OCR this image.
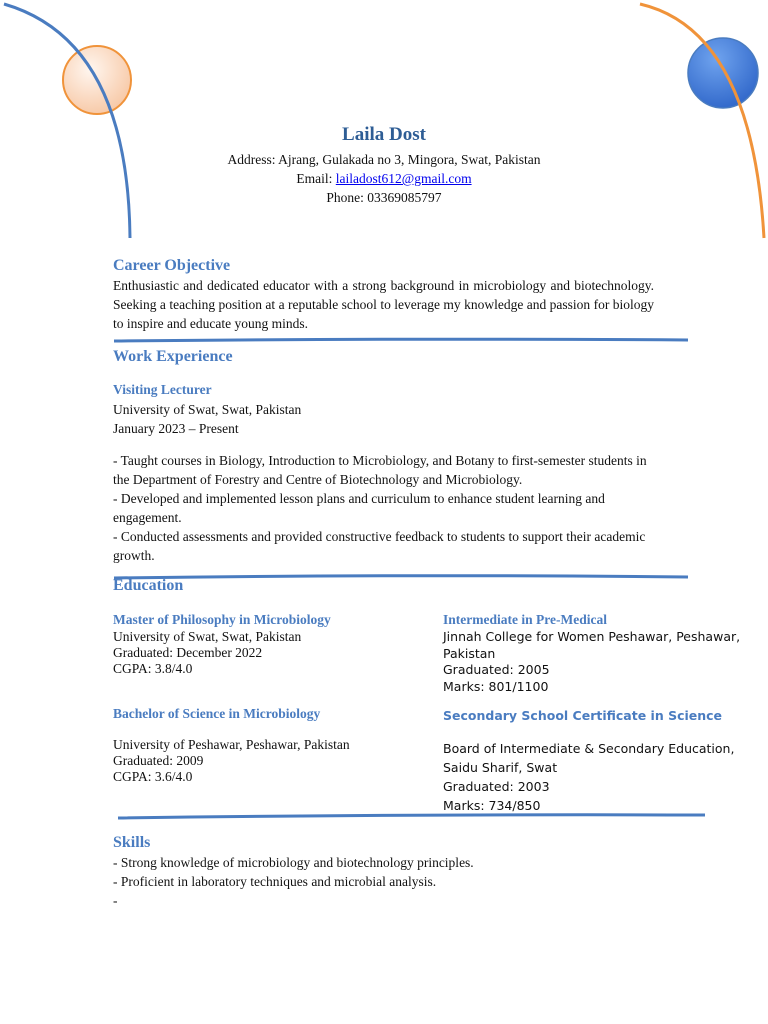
Laila Dost
Address: Ajrang, Gulakada no 3, Mingora, Swat, Pakistan
Email: lailadost612@gmail.com
Phone: 03369085797
Career Objective
Enthusiastic and dedicated educator with a strong background in microbiology and biotechnology. Seeking a teaching position at a reputable school to leverage my knowledge and passion for biology to inspire and educate young minds.
Work Experience
Visiting Lecturer
University of Swat, Swat, Pakistan
January 2023 – Present
- Taught courses in Biology, Introduction to Microbiology, and Botany to first-semester students in the Department of Forestry and Centre of Biotechnology and Microbiology.
- Developed and implemented lesson plans and curriculum to enhance student learning and engagement.
- Conducted assessments and provided constructive feedback to students to support their academic growth.
Education
Master of Philosophy in Microbiology
University of Swat, Swat, Pakistan
Graduated: December 2022
CGPA: 3.8/4.0
Bachelor of Science in Microbiology
University of Peshawar, Peshawar, Pakistan
Graduated: 2009
CGPA: 3.6/4.0
Intermediate in Pre-Medical
Jinnah College for Women Peshawar, Peshawar, Pakistan
Graduated: 2005
Marks: 801/1100
Secondary School Certificate in Science
Board of Intermediate & Secondary Education, Saidu Sharif, Swat
Graduated: 2003
Marks: 734/850
Skills
- Strong knowledge of microbiology and biotechnology principles.
- Proficient in laboratory techniques and microbial analysis.
-
